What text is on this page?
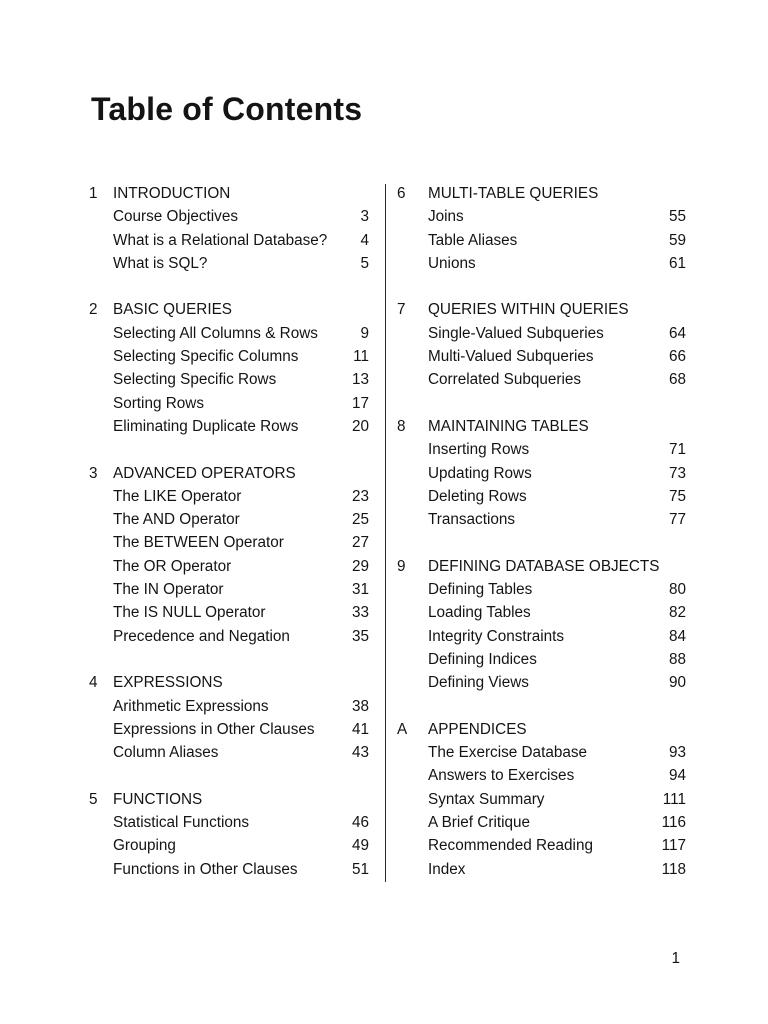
Table of Contents
1 INTRODUCTION
Course Objectives	3
What is a Relational Database? 4
What is SQL?	5
2 BASIC QUERIES
Selecting All Columns & Rows	9
Selecting Specific Columns	11
Selecting Specific Rows	13
Sorting Rows	17
Eliminating Duplicate Rows	20
3 ADVANCED OPERATORS
The LIKE Operator	23
The AND Operator	25
The BETWEEN Operator	27
The OR Operator	29
The IN Operator	31
The IS NULL Operator	33
Precedence and Negation	35
4 EXPRESSIONS
Arithmetic Expressions	38
Expressions in Other Clauses 41
Column Aliases	43
5 FUNCTIONS
Statistical Functions	46
Grouping	49
Functions in Other Clauses	51
6 MULTI-TABLE QUERIES
Joins	55
Table Aliases	59
Unions	61
7 QUERIES WITHIN QUERIES
Single-Valued Subqueries	64
Multi-Valued Subqueries	66
Correlated Subqueries	68
8 MAINTAINING TABLES
Inserting Rows	71
Updating Rows	73
Deleting Rows	75
Transactions	77
9 DEFINING DATABASE OBJECTS
Defining Tables	80
Loading Tables	82
Integrity Constraints	84
Defining Indices	88
Defining Views	90
A APPENDICES
The Exercise Database	93
Answers to Exercises	94
Syntax Summary	111
A Brief Critique	116
Recommended Reading	117
Index	118
1
